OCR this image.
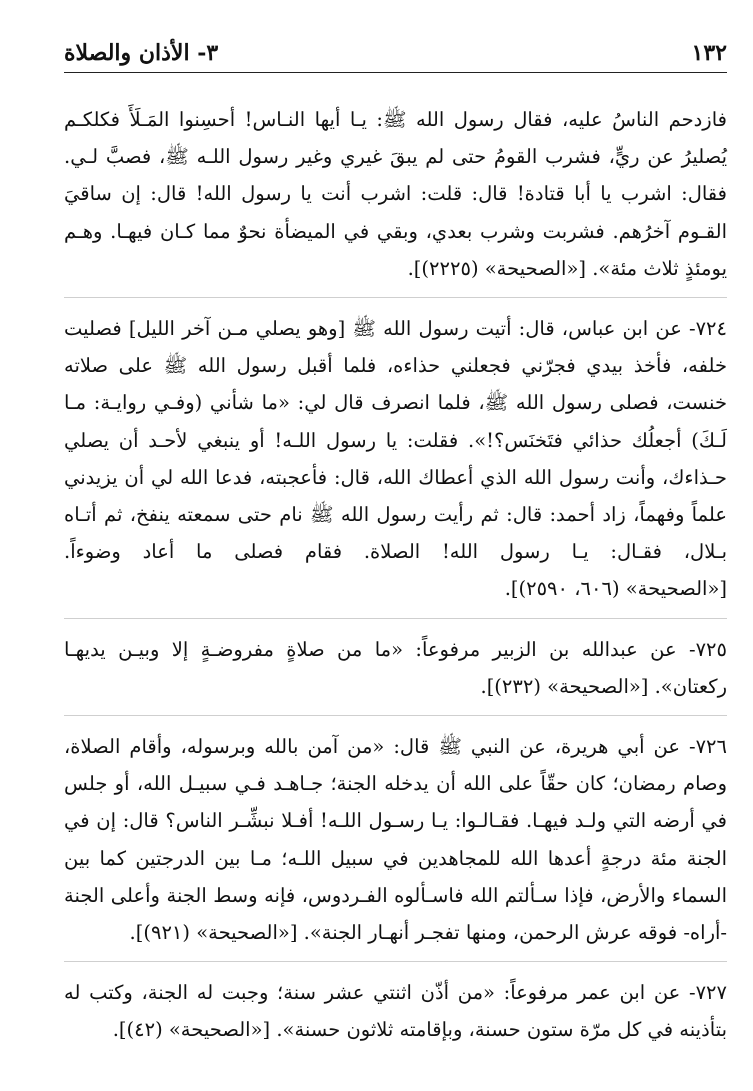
١٣٢
٣- الأذان والصلاة

فازدحم الناسُ عليه، فقال رسول الله ﷺ: يـا أيها النـاس! أحسِنوا المَـلَأَ فكلكـم يُصليرُ عن ريٍّ، فشرب القومُ حتى لم يبقَ غيري وغير رسول اللـه ﷺ، فصبَّ لـي. فقال: اشرب يا أبا قتادة! قال: قلت: اشرب أنت يا رسول الله! قال: إن ساقيَ القـوم آخرُهم. فشربت وشرب بعدي، وبقي في الميضأة نحوٌ مما كـان فيهـا. وهـم يومئذٍ ثلاث مئة». [«الصحيحة» (٢٢٢٥)].

٧٢٤- عن ابن عباس، قال: أتيت رسول الله ﷺ [وهو يصلي مـن آخر الليل] فصليت خلفه، فأخذ بيدي فجرّني فجعلني حذاءه، فلما أقبل رسول الله ﷺ على صلاته خنست، فصلى رسول الله ﷺ، فلما انصرف قال لي: «ما شأني (وفـي روايـة: مـا لَـكَ) أجعلُك حذائي فتَخنَس؟!». فقلت: يا رسول اللـه! أو ينبغي لأحـد أن يصلي حـذاءك، وأنت رسول الله الذي أعطاك الله، قال: فأعجبته، فدعا الله لي أن يزيدني علماً وفهماً، زاد أحمد: قال: ثم رأيت رسول الله ﷺ نام حتى سمعته ينفخ، ثم أتـاه بـلال، فقـال: يـا رسول الله! الصلاة. فقام فصلى ما أعاد وضوءاً. [«الصحيحة» (٦٠٦، ٢٥٩٠)].

٧٢٥- عن عبدالله بن الزبير مرفوعاً: «ما من صلاةٍ مفروضـةٍ إلا وبيـن يديهـا ركعتان». [«الصحيحة» (٢٣٢)].

٧٢٦- عن أبي هريرة، عن النبي ﷺ قال: «من آمن بالله وبرسوله، وأقام الصلاة، وصام رمضان؛ كان حقّاً على الله أن يدخله الجنة؛ جـاهـد فـي سبيـل الله، أو جلس في أرضه التي ولـد فيهـا. فقـالـوا: يـا رسـول اللـه! أفـلا نبشِّـر الناس؟ قال: إن في الجنة مئة درجةٍ أعدها الله للمجاهدين في سبيل اللـه؛ مـا بين الدرجتين كما بين السماء والأرض، فإذا سـألتم الله فاسـألوه الفـردوس، فإنه وسط الجنة وأعلى الجنة -أراه- فوقه عرش الرحمن، ومنها تفجـر أنهـار الجنة». [«الصحيحة» (٩٢١)].

٧٢٧- عن ابن عمر مرفوعاً: «من أذّن اثنتي عشر سنة؛ وجبت له الجنة، وكتب له بتأذينه في كل مرّة ستون حسنة، وبإقامته ثلاثون حسنة». [«الصحيحة» (٤٢)].
